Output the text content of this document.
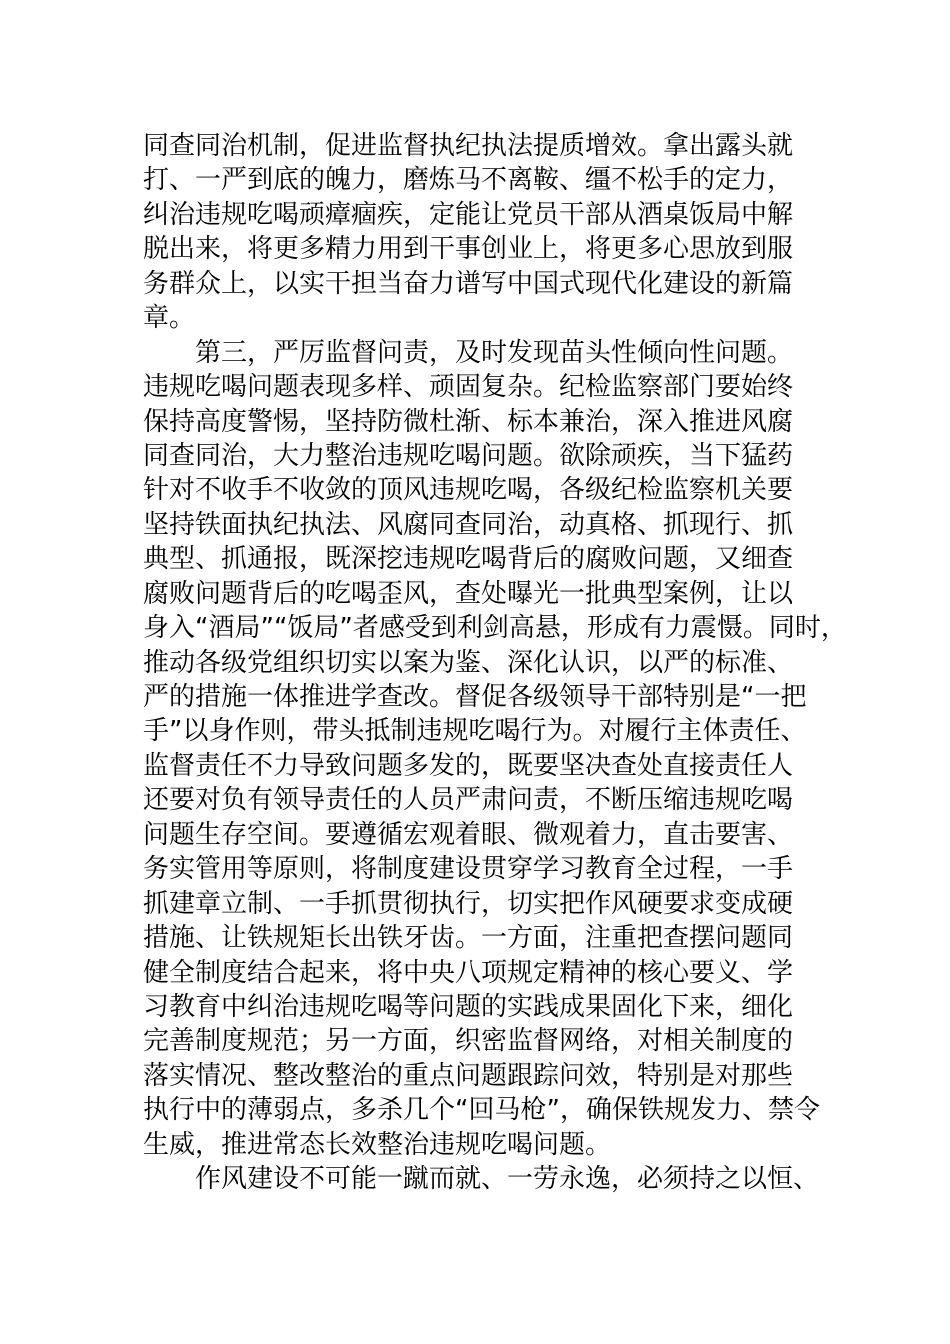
同查同治机制，促进监督执纪执法提质增效。拿出露头就
打、一严到底的魄力，磨炼马不离鞍、缰不松手的定力，
纠治违规吃喝顽瘴痼疾，定能让党员干部从酒桌饭局中解
脱出来，将更多精力用到干事创业上，将更多心思放到服
务群众上，以实干担当奋力谱写中国式现代化建设的新篇
章。
　　第三，严厉监督问责，及时发现苗头性倾向性问题。
违规吃喝问题表现多样、顽固复杂。纪检监察部门要始终
保持高度警惕，坚持防微杜渐、标本兼治，深入推进风腐
同查同治，大力整治违规吃喝问题。欲除顽疾，当下猛药
针对不收手不收敛的顶风违规吃喝，各级纪检监察机关要
坚持铁面执纪执法、风腐同查同治，动真格、抓现行、抓
典型、抓通报，既深挖违规吃喝背后的腐败问题，又细查
腐败问题背后的吃喝歪风，查处曝光一批典型案例，让以
身入“酒局”“饭局”者感受到利剑高悬，形成有力震慑。同时，
推动各级党组织切实以案为鉴、深化认识，以严的标准、
严的措施一体推进学查改。督促各级领导干部特别是“一把
手”以身作则，带头抵制违规吃喝行为。对履行主体责任、
监督责任不力导致问题多发的，既要坚决查处直接责任人
还要对负有领导责任的人员严肃问责，不断压缩违规吃喝
问题生存空间。要遵循宏观着眼、微观着力，直击要害、
务实管用等原则，将制度建设贯穿学习教育全过程，一手
抓建章立制、一手抓贯彻执行，切实把作风硬要求变成硬
措施、让铁规矩长出铁牙齿。一方面，注重把查摆问题同
健全制度结合起来，将中央八项规定精神的核心要义、学
习教育中纠治违规吃喝等问题的实践成果固化下来，细化
完善制度规范；另一方面，织密监督网络，对相关制度的
落实情况、整改整治的重点问题跟踪问效，特别是对那些
执行中的薄弱点，多杀几个“回马枪”，确保铁规发力、禁令
生威，推进常态长效整治违规吃喝问题。
　　作风建设不可能一蹴而就、一劳永逸，必须持之以恒、
